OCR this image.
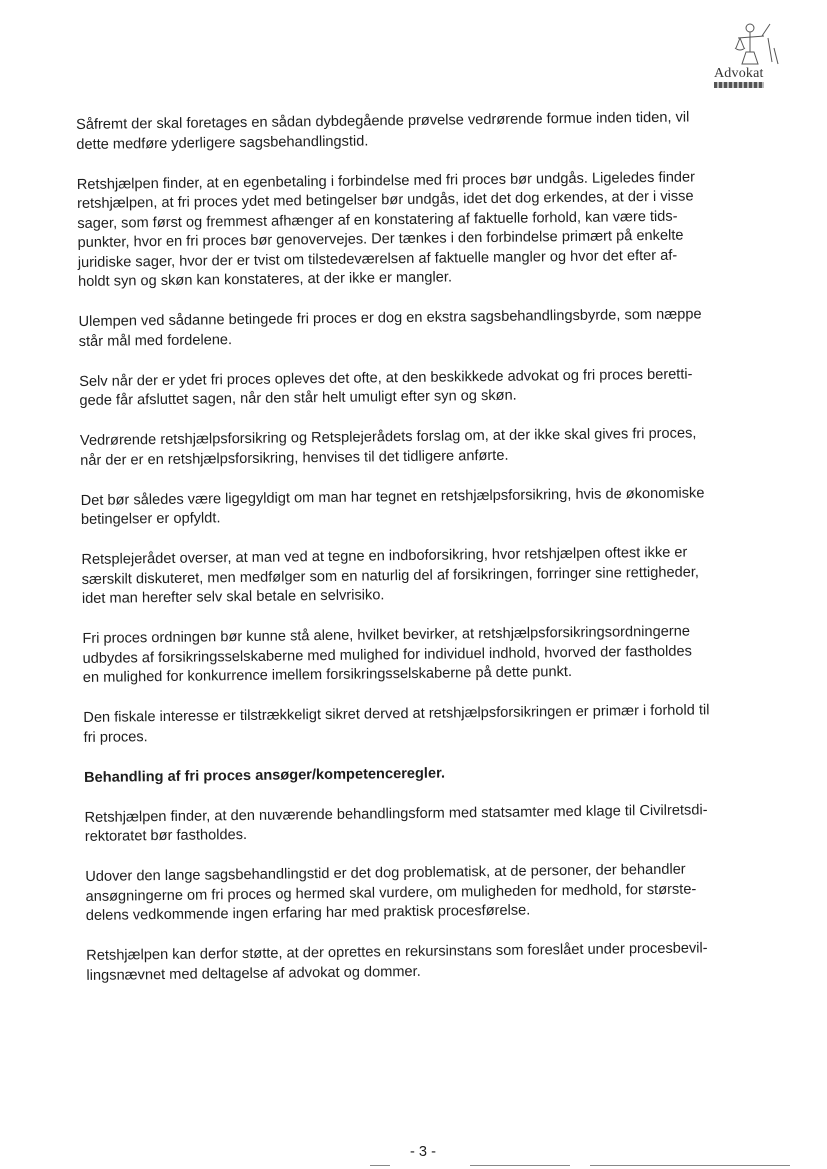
Advokat

Såfremt der skal foretages en sådan dybdegående prøvelse vedrørende formue inden tiden, vil
dette medføre yderligere sagsbehandlingstid.

Retshjælpen finder, at en egenbetaling i forbindelse med fri proces bør undgås. Ligeledes finder
retshjælpen, at fri proces ydet med betingelser bør undgås, idet det dog erkendes, at der i visse
sager, som først og fremmest afhænger af en konstatering af faktuelle forhold, kan være tids-
punkter, hvor en fri proces bør genovervejes. Der tænkes i den forbindelse primært på enkelte
juridiske sager, hvor der er tvist om tilstedeværelsen af faktuelle mangler og hvor det efter af-
holdt syn og skøn kan konstateres, at der ikke er mangler.

Ulempen ved sådanne betingede fri proces er dog en ekstra sagsbehandlingsbyrde, som næppe
står mål med fordelene.

Selv når der er ydet fri proces opleves det ofte, at den beskikkede advokat og fri proces beretti-
gede får afsluttet sagen, når den står helt umuligt efter syn og skøn.

Vedrørende retshjælpsforsikring og Retsplejerådets forslag om, at der ikke skal gives fri proces,
når der er en retshjælpsforsikring, henvises til det tidligere anførte.

Det bør således være ligegyldigt om man har tegnet en retshjælpsforsikring, hvis de økonomiske
betingelser er opfyldt.

Retsplejerådet overser, at man ved at tegne en indboforsikring, hvor retshjælpen oftest ikke er
særskilt diskuteret, men medfølger som en naturlig del af forsikringen, forringer sine rettigheder,
idet man herefter selv skal betale en selvrisiko.

Fri proces ordningen bør kunne stå alene, hvilket bevirker, at retshjælpsforsikringsordningerne
udbydes af forsikringsselskaberne med mulighed for individuel indhold, hvorved der fastholdes
en mulighed for konkurrence imellem forsikringsselskaberne på dette punkt.

Den fiskale interesse er tilstrækkeligt sikret derved at retshjælpsforsikringen er primær i forhold til
fri proces.

Behandling af fri proces ansøger/kompetenceregler.

Retshjælpen finder, at den nuværende behandlingsform med statsamter med klage til Civilretsdi-
rektoratet bør fastholdes.

Udover den lange sagsbehandlingstid er det dog problematisk, at de personer, der behandler
ansøgningerne om fri proces og hermed skal vurdere, om muligheden for medhold, for største-
delens vedkommende ingen erfaring har med praktisk procesførelse.

Retshjælpen kan derfor støtte, at der oprettes en rekursinstans som foreslået under procesbevil-
lingsnævnet med deltagelse af advokat og dommer.

- 3 -
